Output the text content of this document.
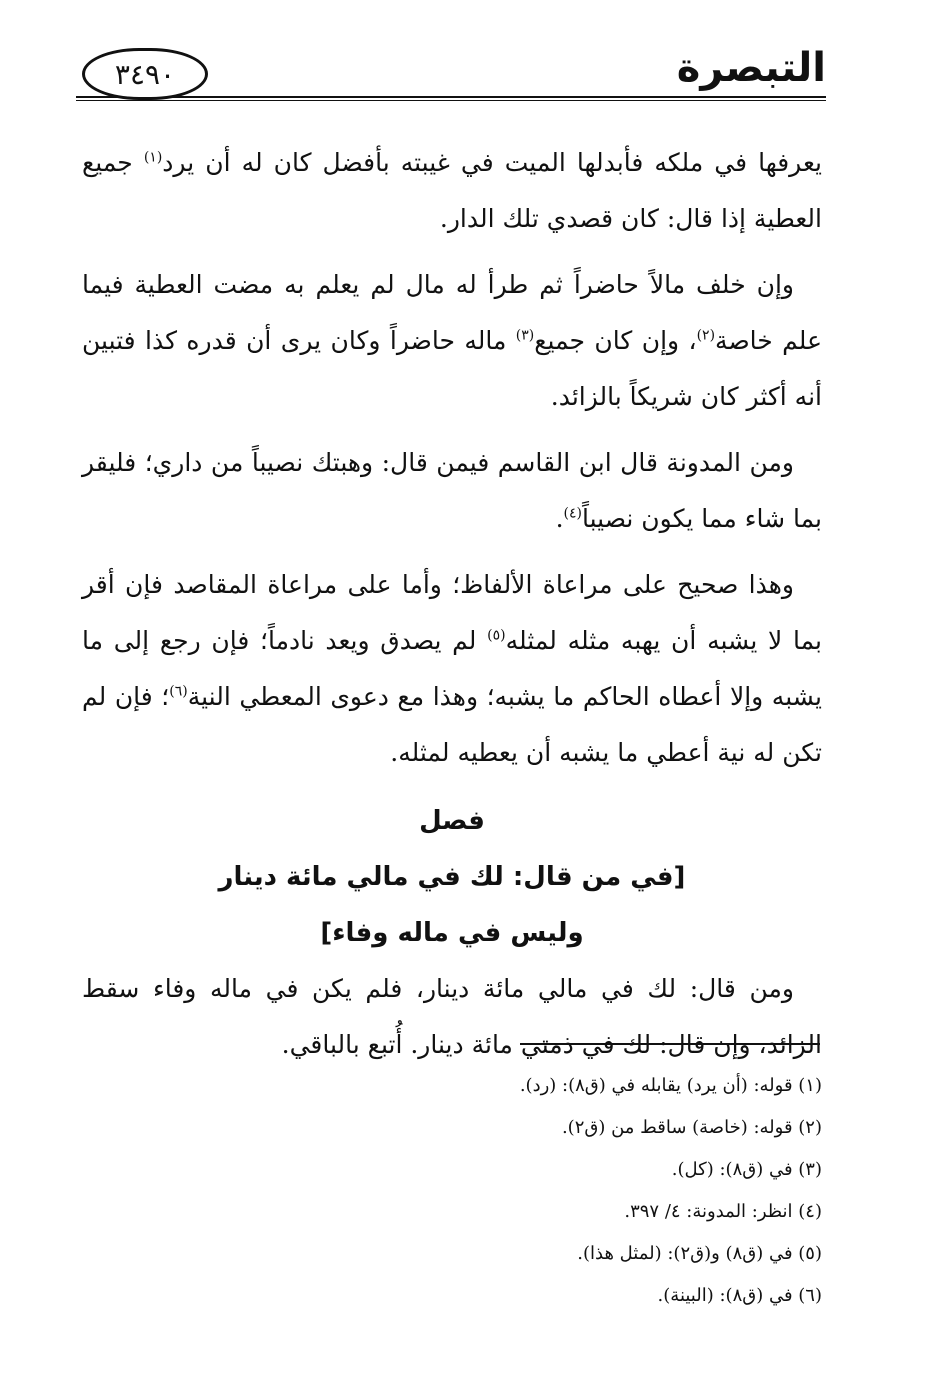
التبصرة
٣٤٩٠

يعرفها في ملكه فأبدلها الميت في غيبته بأفضل كان له أن يرد$^{(١)}$ جميع العطية إذا قال: كان قصدي تلك الدار.

وإن خلف مالاً حاضراً ثم طرأ له مال لم يعلم به مضت العطية فيما علم خاصة$^{(٢)}$، وإن كان جميع$^{(٣)}$ ماله حاضراً وكان يرى أن قدره كذا فتبين أنه أكثر كان شريكاً بالزائد.

ومن المدونة قال ابن القاسم فيمن قال: وهبتك نصيباً من داري؛ فليقر بما شاء مما يكون نصيباً$^{(٤)}$.

وهذا صحيح على مراعاة الألفاظ؛ وأما على مراعاة المقاصد فإن أقر بما لا يشبه أن يهبه مثله لمثله$^{(٥)}$ لم يصدق ويعد نادماً؛ فإن رجع إلى ما يشبه وإلا أعطاه الحاكم ما يشبه؛ وهذا مع دعوى المعطي النية$^{(٦)}$؛ فإن لم تكن له نية أعطي ما يشبه أن يعطيه لمثله.

فصل
[في من قال: لك في مالي مائة دينار
وليس في ماله وفاء]

ومن قال: لك في مالي مائة دينار، فلم يكن في ماله وفاء سقط الزائد، وإن قال: لك في ذمتي مائة دينار. أُتبع بالباقي.

(١) قوله: (أن يرد) يقابله في (ق٨): (رد).

(٢) قوله: (خاصة) ساقط من (ق٢).

(٣) في (ق٨): (كل).

(٤) انظر: المدونة: ٤/ ٣٩٧.

(٥) في (ق٨) و(ق٢): (لمثل هذا).

(٦) في (ق٨): (البينة).
